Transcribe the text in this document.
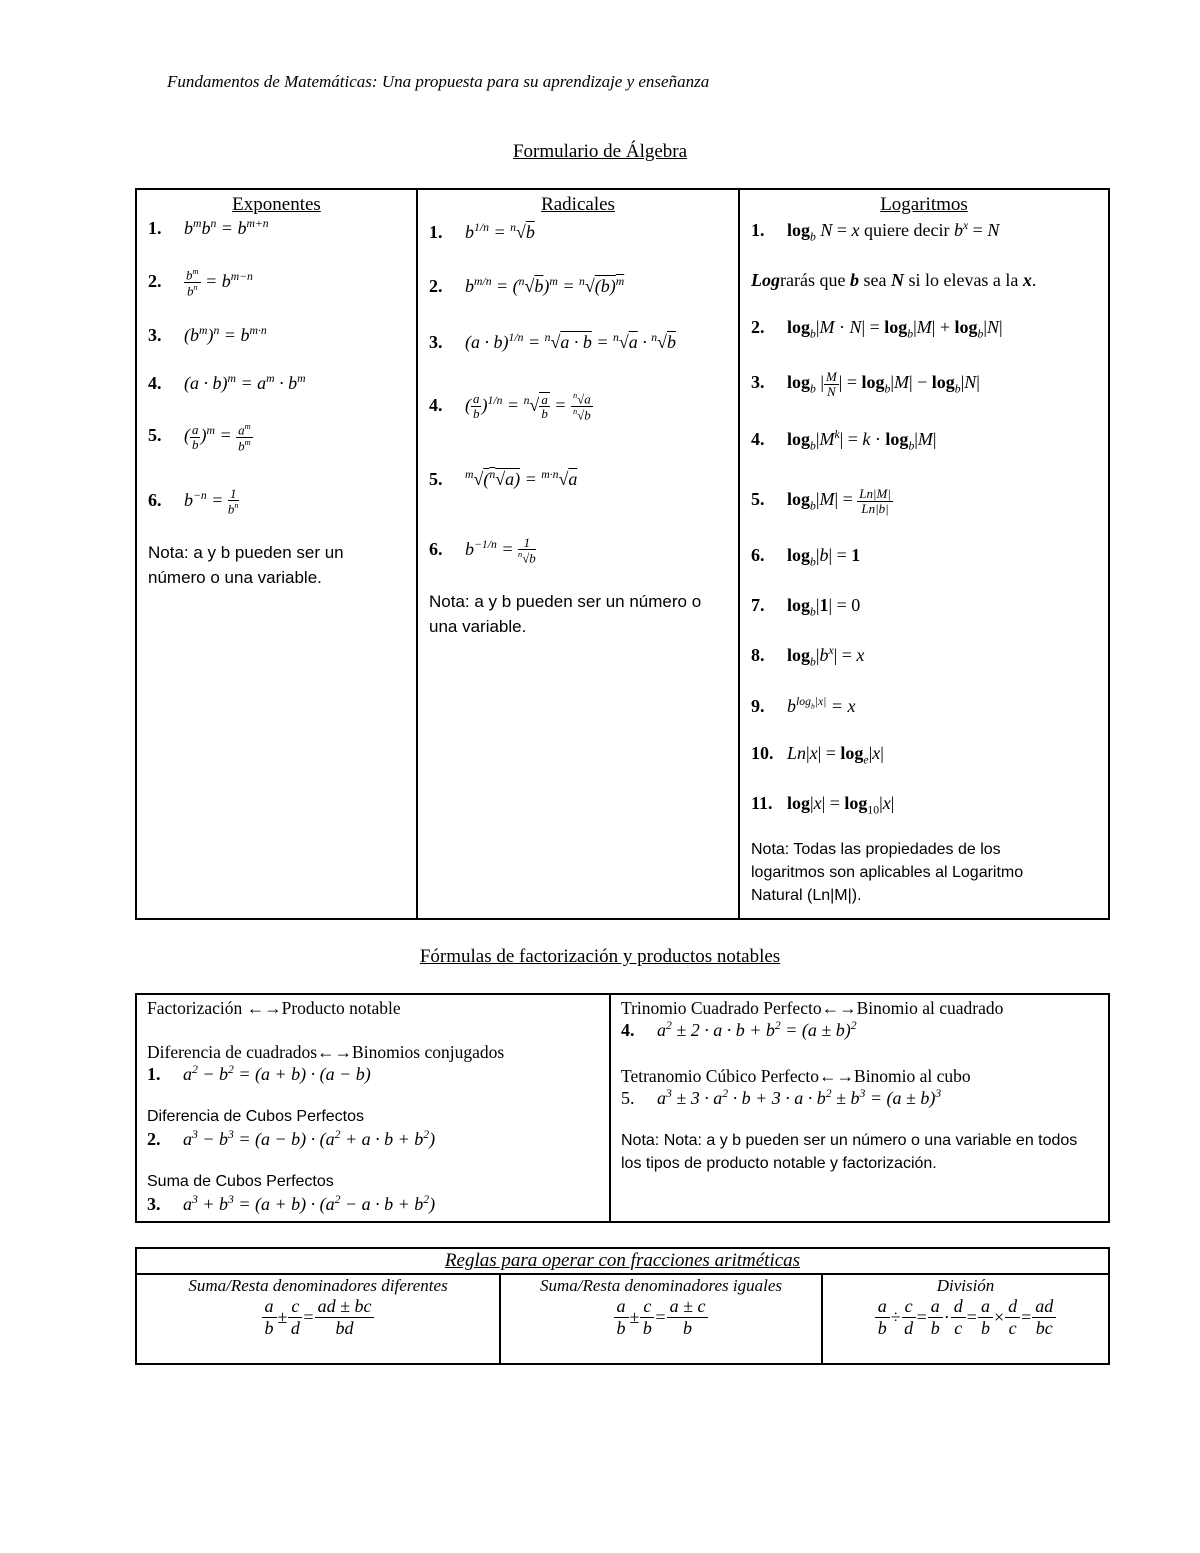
Fundamentos de Matemáticas: Una propuesta para su aprendizaje y enseñanza
Formulario de Álgebra
Exponentes
1. $b^mb^n = b^{m+n}$
2. $\frac{b^m}{b^n} = b^{m-n}$
3. $(b^m)^n = b^{m\cdot n}$
4. $(a \cdot b)^m = a^m \cdot b^m$
5. ( $\frac{a}{b} )^m = \frac{a^m}{b^m}$
6. $b^{-n} = \frac{1}{b^n}$
Nota: a y b pueden ser un número o una variable.

Radicales
1. $b^{1/n} = ^n√b$
2. $b^{m/n} = (^n√b)^m = ^n√(b)^m$
3. $(a \cdot b)^{1/n} = ^n√a \cdot b = ^n√a \cdot ^n√b$
4. ( $\frac{a}{b} )^{1/n} = ^n√ \frac{a}{b} = \frac{^n√a}{^n√b}$
5. $^m$√($^n$√a) = $^{m\cdot n}$√a
6. $b^{-1/n} = \frac{1}{^n√b}$
Nota: a y b pueden ser un número o una variable.

Logaritmos
1. $\log_b N = x$ quiere decir $b^x = N$
Lograrás que b sea N si lo elevas a la x.
2. $\log_b|M \cdot N| = \log_b|M| + \log_b|N|$
3. $\log_b$ | $\frac{M}{N}$ | = $\log_b|M| - \log_b|N|$
4. $\log_b|M^k| = k \cdot \log_b|M|$
5. $\log_b|M| = \frac{Ln|M|}{Ln|b|}$
6. $\log_b|b| = 1$
7. $\log_b|1| = 0$
8. $\log_b|b^x| = x$
9. $b^{log_b|x|} = x$
10. $Ln|x| = \log_e|x|$
11. $\log|x| = \log_{10}|x|$
Nota: Todas las propiedades de los logaritmos son aplicables al Logaritmo Natural (Ln|M|).
Fórmulas de factorización y productos notables
Factorización ←→Producto notable
Diferencia de cuadrados←→Binomios conjugados
1. $a^2 - b^2 = (a + b) \cdot (a - b)$
Diferencia de Cubos Perfectos
2. $a^3 - b^3 = (a - b) \cdot (a^2 + a \cdot b + b^2)$
Suma de Cubos Perfectos
3. $a^3 + b^3 = (a + b) \cdot (a^2 - a \cdot b + b^2)$

Trinomio Cuadrado Perfecto←→Binomio al cuadrado
4. $a^2 \pm 2 \cdot a \cdot b + b^2 = (a \pm b)^2$
Tetranomio Cúbico Perfecto←→Binomio al cubo
5. $a^3 \pm 3 \cdot a^2 \cdot b + 3 \cdot a \cdot b^2 \pm b^3 = (a \pm b)^3$
Nota: Nota: a y b pueden ser un número o una variable en todos los tipos de producto notable y factorización.
Reglas para operar con fracciones aritméticas

Suma/Resta denominadores diferentes
$\frac{a}{b} \pm \frac{c}{d} = \frac{ad \pm bc}{bd}$

Suma/Resta denominadores iguales
$\frac{a}{b} \pm \frac{c}{b} = \frac{a \pm c}{b}$

División
$\frac{a}{b} \div \frac{c}{d} = \frac{a}{b} \cdot \frac{d}{c} = \frac{a}{b} \times \frac{d}{c} = \frac{ad}{bc}$
